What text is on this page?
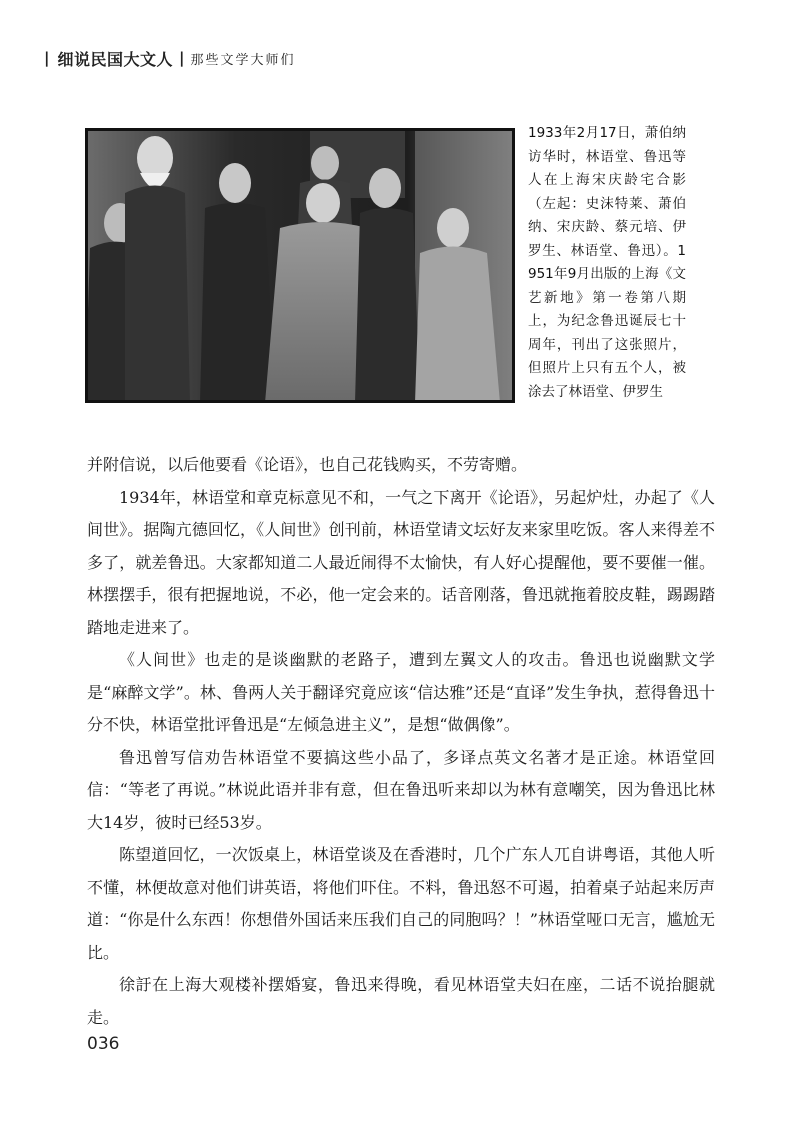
| 细说民国大文人 | 那些文学大师们
1933年2月17日，萧伯纳访华时，林语堂、鲁迅等人在上海宋庆龄宅合影（左起：史沫特莱、萧伯纳、宋庆龄、蔡元培、伊罗生、林语堂、鲁迅）。1951年9月出版的上海《文艺新地》第一卷第八期上，为纪念鲁迅诞辰七十周年，刊出了这张照片，但照片上只有五个人，被涂去了林语堂、伊罗生

并附信说，以后他要看《论语》，也自己花钱购买，不劳寄赠。

1934年，林语堂和章克标意见不和，一气之下离开《论语》，另起炉灶，办起了《人间世》。据陶亢德回忆，《人间世》创刊前，林语堂请文坛好友来家里吃饭。客人来得差不多了，就差鲁迅。大家都知道二人最近闹得不太愉快，有人好心提醒他，要不要催一催。林摆摆手，很有把握地说，不必，他一定会来的。话音刚落，鲁迅就拖着胶皮鞋，踢踢踏踏地走进来了。

《人间世》也走的是谈幽默的老路子，遭到左翼文人的攻击。鲁迅也说幽默文学是“麻醉文学”。林、鲁两人关于翻译究竟应该“信达雅”还是“直译”发生争执，惹得鲁迅十分不快，林语堂批评鲁迅是“左倾急进主义”，是想“做偶像”。

鲁迅曾写信劝告林语堂不要搞这些小品了，多译点英文名著才是正途。林语堂回信：“等老了再说。”林说此语并非有意，但在鲁迅听来却以为林有意嘲笑，因为鲁迅比林大14岁，彼时已经53岁。

陈望道回忆，一次饭桌上，林语堂谈及在香港时，几个广东人兀自讲粤语，其他人听不懂，林便故意对他们讲英语，将他们吓住。不料，鲁迅怒不可遏，拍着桌子站起来厉声道：“你是什么东西！你想借外国话来压我们自己的同胞吗？！”林语堂哑口无言，尴尬无比。

徐訏在上海大观楼补摆婚宴，鲁迅来得晚，看见林语堂夫妇在座，二话不说抬腿就走。

036
